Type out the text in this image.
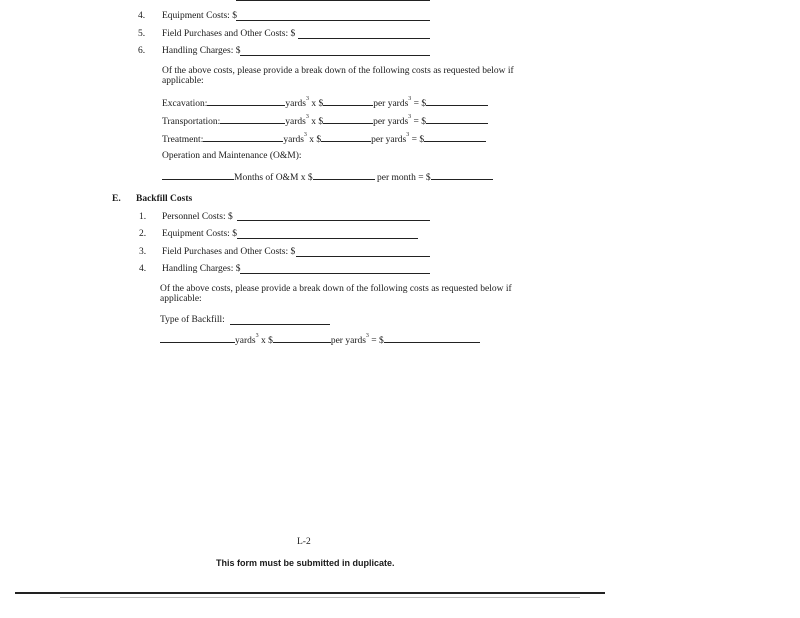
4. Equipment Costs: $
5. Field Purchases and Other Costs: $
6. Handling Charges: $
Of the above costs, please provide a break down of the following costs as requested below if applicable:
Excavation:	yards$^3$ x $	per yards$^3$ = $
Transportation:	yards$^3$ x $	per yards$^3$ = $
Treatment:	yards$^3$ x $	per yards$^3$ = $
Operation and Maintenance (O&M):
Months of O&M x $	per month = $
E. Backfill Costs
1. Personnel Costs: $
2. Equipment Costs: $
3. Field Purchases and Other Costs: $
4. Handling Charges: $
Of the above costs, please provide a break down of the following costs as requested below if applicable:
Type of Backfill:
yards$^3$ x $	per yards$^3$ = $
L-2
This form must be submitted in duplicate.
